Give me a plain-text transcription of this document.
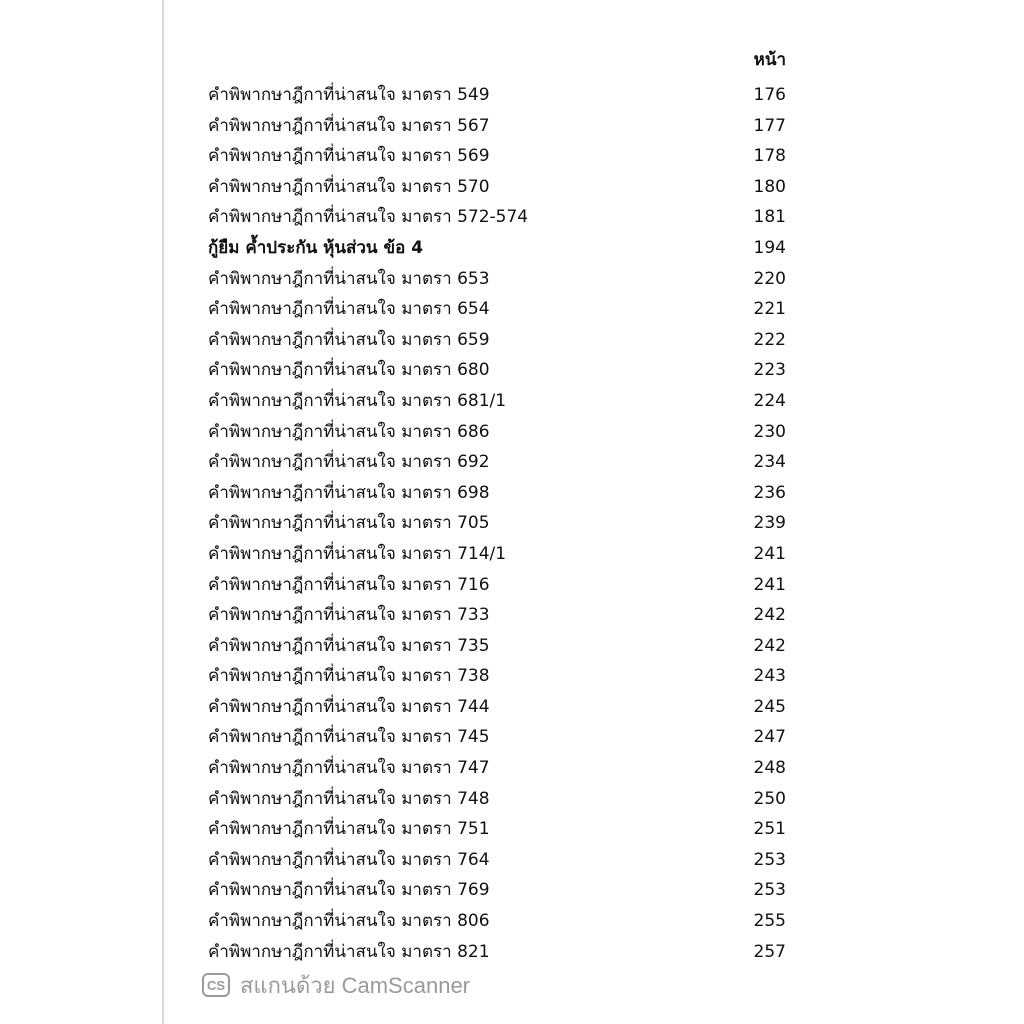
หน้า
คำพิพากษาฎีกาที่น่าสนใจ มาตรา 549	176
คำพิพากษาฎีกาที่น่าสนใจ มาตรา 567	177
คำพิพากษาฎีกาที่น่าสนใจ มาตรา 569	178
คำพิพากษาฎีกาที่น่าสนใจ มาตรา 570	180
คำพิพากษาฎีกาที่น่าสนใจ มาตรา 572-574	181
กู้ยืม ค้ำประกัน หุ้นส่วน ข้อ 4	194
คำพิพากษาฎีกาที่น่าสนใจ มาตรา 653	220
คำพิพากษาฎีกาที่น่าสนใจ มาตรา 654	221
คำพิพากษาฎีกาที่น่าสนใจ มาตรา 659	222
คำพิพากษาฎีกาที่น่าสนใจ มาตรา 680	223
คำพิพากษาฎีกาที่น่าสนใจ มาตรา 681/1	224
คำพิพากษาฎีกาที่น่าสนใจ มาตรา 686	230
คำพิพากษาฎีกาที่น่าสนใจ มาตรา 692	234
คำพิพากษาฎีกาที่น่าสนใจ มาตรา 698	236
คำพิพากษาฎีกาที่น่าสนใจ มาตรา 705	239
คำพิพากษาฎีกาที่น่าสนใจ มาตรา 714/1	241
คำพิพากษาฎีกาที่น่าสนใจ มาตรา 716	241
คำพิพากษาฎีกาที่น่าสนใจ มาตรา 733	242
คำพิพากษาฎีกาที่น่าสนใจ มาตรา 735	242
คำพิพากษาฎีกาที่น่าสนใจ มาตรา 738	243
คำพิพากษาฎีกาที่น่าสนใจ มาตรา 744	245
คำพิพากษาฎีกาที่น่าสนใจ มาตรา 745	247
คำพิพากษาฎีกาที่น่าสนใจ มาตรา 747	248
คำพิพากษาฎีกาที่น่าสนใจ มาตรา 748	250
คำพิพากษาฎีกาที่น่าสนใจ มาตรา 751	251
คำพิพากษาฎีกาที่น่าสนใจ มาตรา 764	253
คำพิพากษาฎีกาที่น่าสนใจ มาตรา 769	253
คำพิพากษาฎีกาที่น่าสนใจ มาตรา 806	255
คำพิพากษาฎีกาที่น่าสนใจ มาตรา 821	257
CS สแกนด้วย CamScanner
